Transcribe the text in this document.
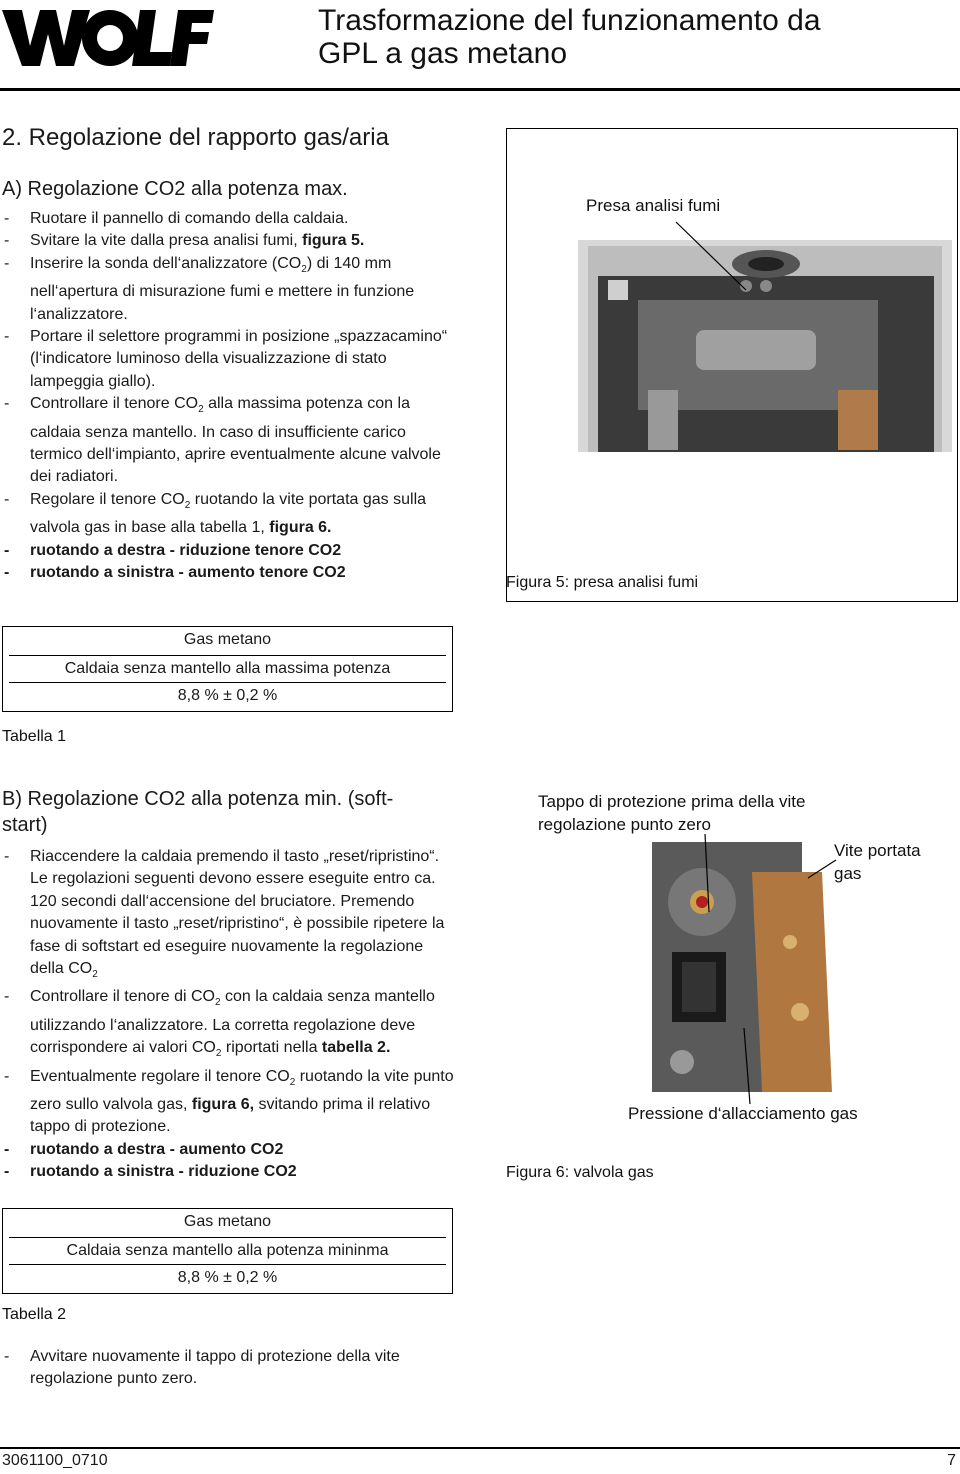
Trasformazione del funzionamento da
GPL a gas metano
2. Regolazione del rapporto gas/aria
A) Regolazione CO2 alla potenza max.
-	Ruotare il pannello di comando della caldaia.
-	Svitare la vite dalla presa analisi fumi, figura 5.
-	Inserire la sonda dell‘analizzatore $(CO_2)$ di 140 mm nell‘apertura di misurazione fumi e mettere in funzione l‘analizzatore.
-	Portare il selettore programmi in posizione „spazzacamino“ (l‘indicatore luminoso della visualizzazione di stato lampeggia giallo).
-	Controllare il tenore $CO_2$ alla massima potenza con la caldaia senza mantello. In caso di insufficiente carico termico dell‘impianto, aprire eventualmente alcune valvole dei radiatori.
-	Regolare il tenore $CO_2$ ruotando la vite portata gas sulla valvola gas in base alla tabella 1, figura 6.
-	ruotando a destra - riduzione tenore CO2
-	ruotando a sinistra - aumento tenore CO2
Presa analisi fumi
Figura 5: presa analisi fumi
Gas metano
Caldaia senza mantello alla massima potenza
8,8 % ± 0,2 %
Tabella 1
B) Regolazione CO2 alla potenza min. (soft-
start)
-	Riaccendere la caldaia premendo il tasto „reset/ripristino“. Le regolazioni seguenti devono essere eseguite entro ca. 120 secondi dall‘accensione del bruciatore. Premendo nuovamente il tasto „reset/ripristino“, è possibile ripetere la fase di softstart ed eseguire nuovamente la regolazione della $CO_2$
-	Controllare il tenore di $CO_2$ con la caldaia senza mantello utilizzando l‘analizzatore. La corretta regolazione deve corrispondere ai valori $CO_2$ riportati nella tabella 2.
-	Eventualmente regolare il tenore $CO_2$ ruotando la vite punto zero sullo valvola gas, figura 6, svitando prima il relativo tappo di protezione.
-	ruotando a destra - aumento CO2
-	ruotando a sinistra - riduzione CO2
Tappo di protezione prima della vite regolazione punto zero
Vite portata gas
Pressione d‘allacciamento gas
Figura 6: valvola gas
Gas metano
Caldaia senza mantello alla potenza mininma
8,8 % ± 0,2 %
Tabella 2
-	Avvitare nuovamente il tappo di protezione della vite regolazione punto zero.
3061100_0710	7
